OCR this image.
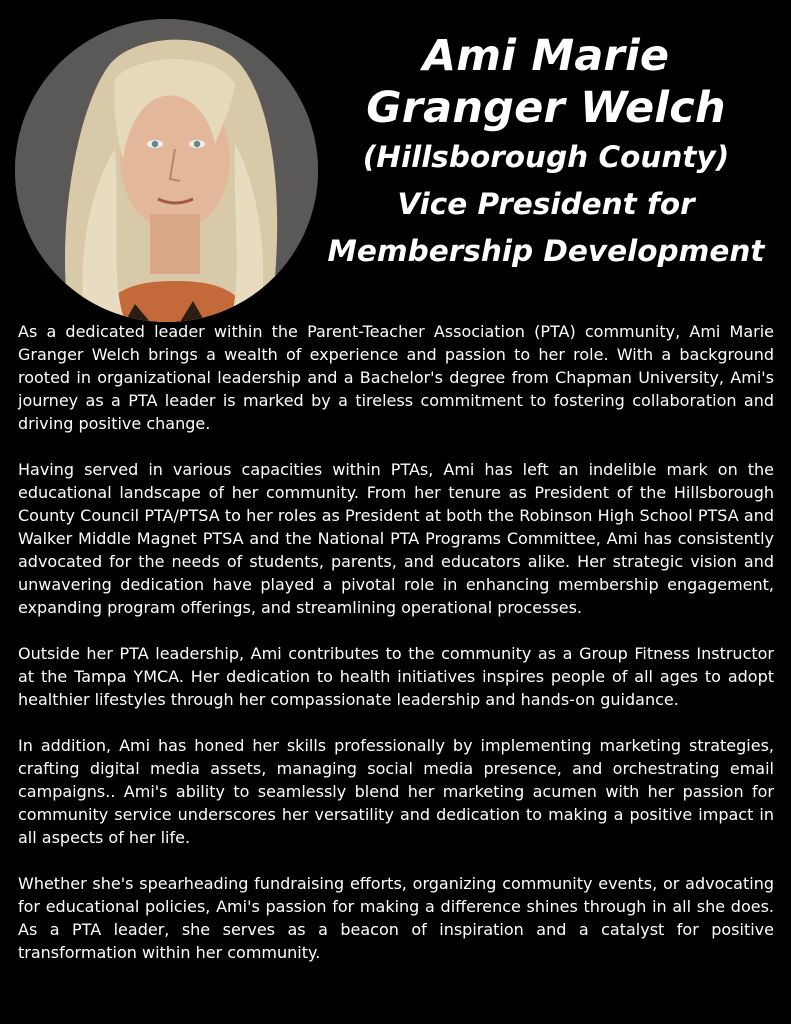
Ami Marie
Granger Welch
(Hillsborough County)
Vice President for
Membership Development

As a dedicated leader within the Parent-Teacher Association (PTA) community, Ami Marie Granger Welch brings a wealth of experience and passion to her role. With a background rooted in organizational leadership and a Bachelor's degree from Chapman University, Ami's journey as a PTA leader is marked by a tireless commitment to fostering collaboration and driving positive change.

Having served in various capacities within PTAs, Ami has left an indelible mark on the educational landscape of her community. From her tenure as President of the Hillsborough County Council PTA/PTSA to her roles as President at both the Robinson High School PTSA and Walker Middle Magnet PTSA and the National PTA Programs Committee, Ami has consistently advocated for the needs of students, parents, and educators alike. Her strategic vision and unwavering dedication have played a pivotal role in enhancing membership engagement, expanding program offerings, and streamlining operational processes.

Outside her PTA leadership, Ami contributes to the community as a Group Fitness Instructor at the Tampa YMCA. Her dedication to health initiatives inspires people of all ages to adopt healthier lifestyles through her compassionate leadership and hands-on guidance.

In addition, Ami has honed her skills professionally by implementing marketing strategies, crafting digital media assets, managing social media presence, and orchestrating email campaigns.. Ami's ability to seamlessly blend her marketing acumen with her passion for community service underscores her versatility and dedication to making a positive impact in all aspects of her life.

Whether she's spearheading fundraising efforts, organizing community events, or advocating for educational policies, Ami's passion for making a difference shines through in all she does. As a PTA leader, she serves as a beacon of inspiration and a catalyst for positive transformation within her community.
